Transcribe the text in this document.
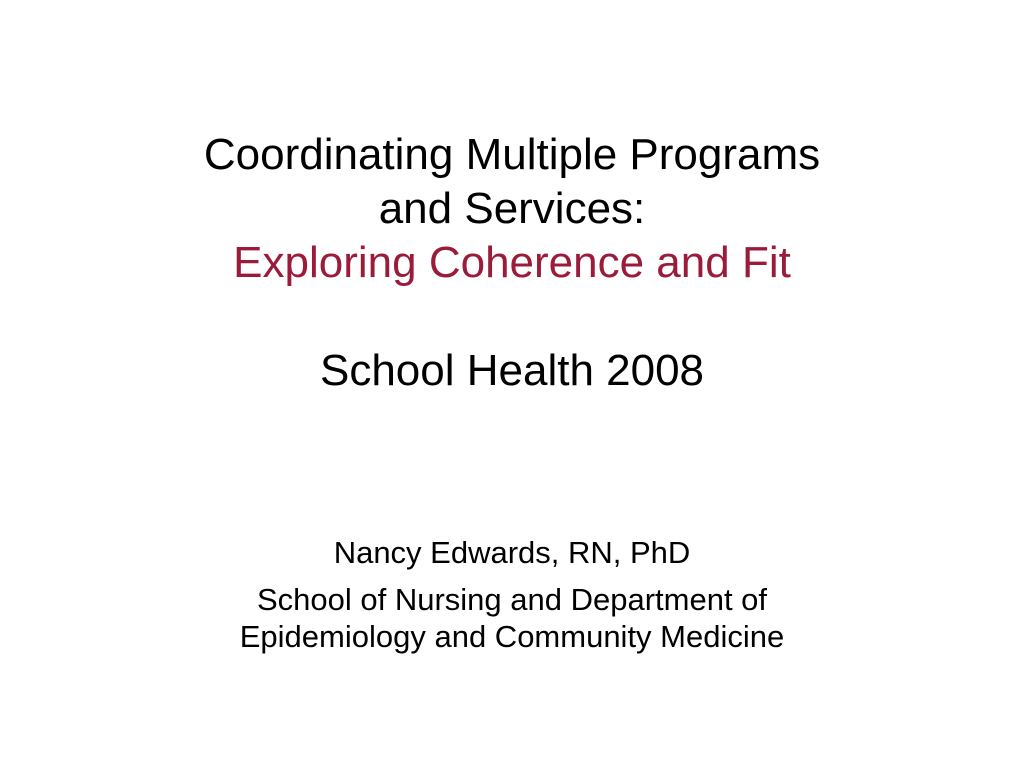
Coordinating Multiple Programs
and Services:
Exploring Coherence and Fit
School Health 2008
Nancy Edwards, RN, PhD
School of Nursing and Department of Epidemiology and Community Medicine
